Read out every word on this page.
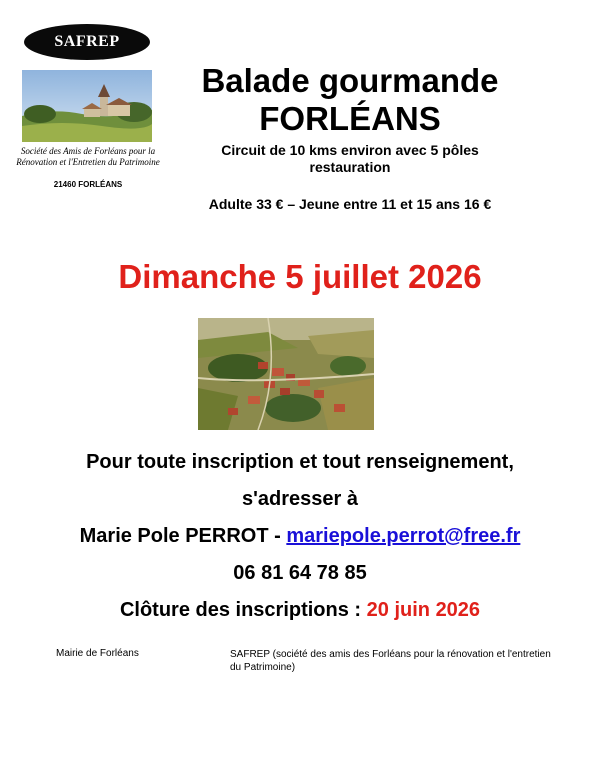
SAFREP
Société des Amis de Forléans pour la Rénovation et l'Entretien du Patrimoine
21460 FORLÉANS
Balade gourmande
FORLÉANS
Circuit de 10 kms environ avec 5 pôles restauration
Adulte 33 € – Jeune entre 11 et 15 ans 16 €
Dimanche 5 juillet 2026
Pour toute inscription et tout renseignement,
s'adresser à
Marie Pole PERROT - mariepole.perrot@free.fr
06 81 64 78 85
Clôture des inscriptions : 20 juin 2026
Mairie de Forléans	SAFREP (société des amis des Forléans pour la rénovation et l'entretien du Patrimoine)
